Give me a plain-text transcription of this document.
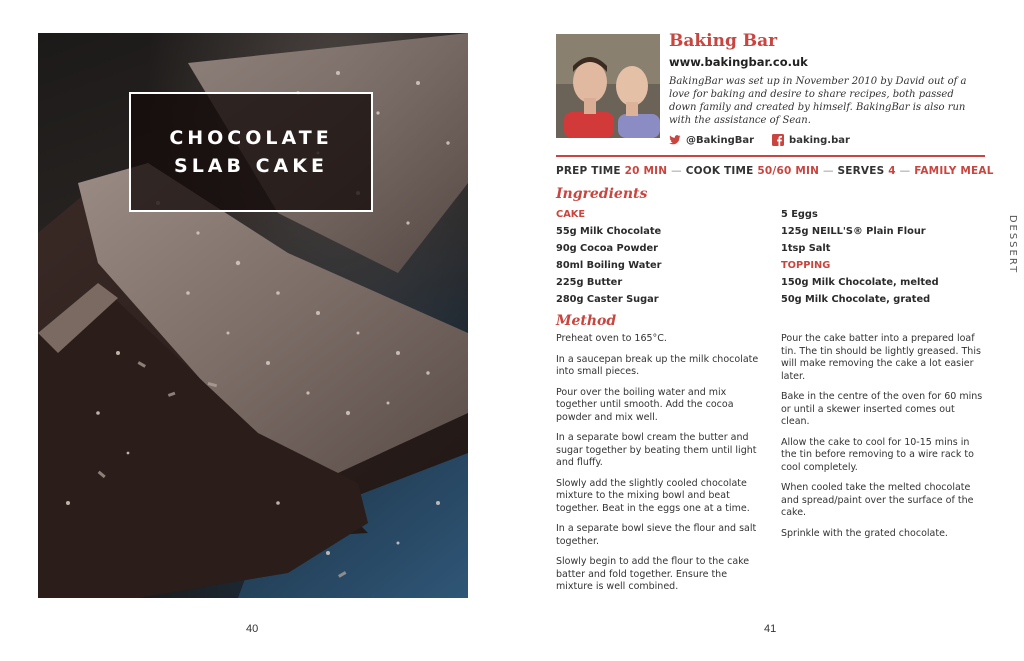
CHOCOLATE
SLAB CAKE
40
Baking Bar
www.bakingbar.co.uk
BakingBar was set up in November 2010 by David out of a love for baking and desire to share recipes, both passed down family and created by himself. BakingBar is also run with the assistance of Sean.
@BakingBar	baking.bar
PREP TIME 20 MIN — COOK TIME 50/60 MIN — SERVES 4 — FAMILY MEAL
Ingredients
CAKE
55g Milk Chocolate
90g Cocoa Powder
80ml Boiling Water
225g Butter
280g Caster Sugar
5 Eggs
125g NEILL'S® Plain Flour
1tsp Salt
TOPPING
150g Milk Chocolate, melted
50g Milk Chocolate, grated
Method
Preheat oven to 165°C.
In a saucepan break up the milk chocolate into small pieces.
Pour over the boiling water and mix together until smooth. Add the cocoa powder and mix well.
In a separate bowl cream the butter and sugar together by beating them until light and fluffy.
Slowly add the slightly cooled chocolate mixture to the mixing bowl and beat together. Beat in the eggs one at a time.
In a separate bowl sieve the flour and salt together.
Slowly begin to add the flour to the cake batter and fold together. Ensure the mixture is well combined.
Pour the cake batter into a prepared loaf tin. The tin should be lightly greased. This will make removing the cake a lot easier later.
Bake in the centre of the oven for 60 mins or until a skewer inserted comes out clean.
Allow the cake to cool for 10-15 mins in the tin before removing to a wire rack to cool completely.
When cooled take the melted chocolate and spread/paint over the surface of the cake.
Sprinkle with the grated chocolate.
DESSERT
41
